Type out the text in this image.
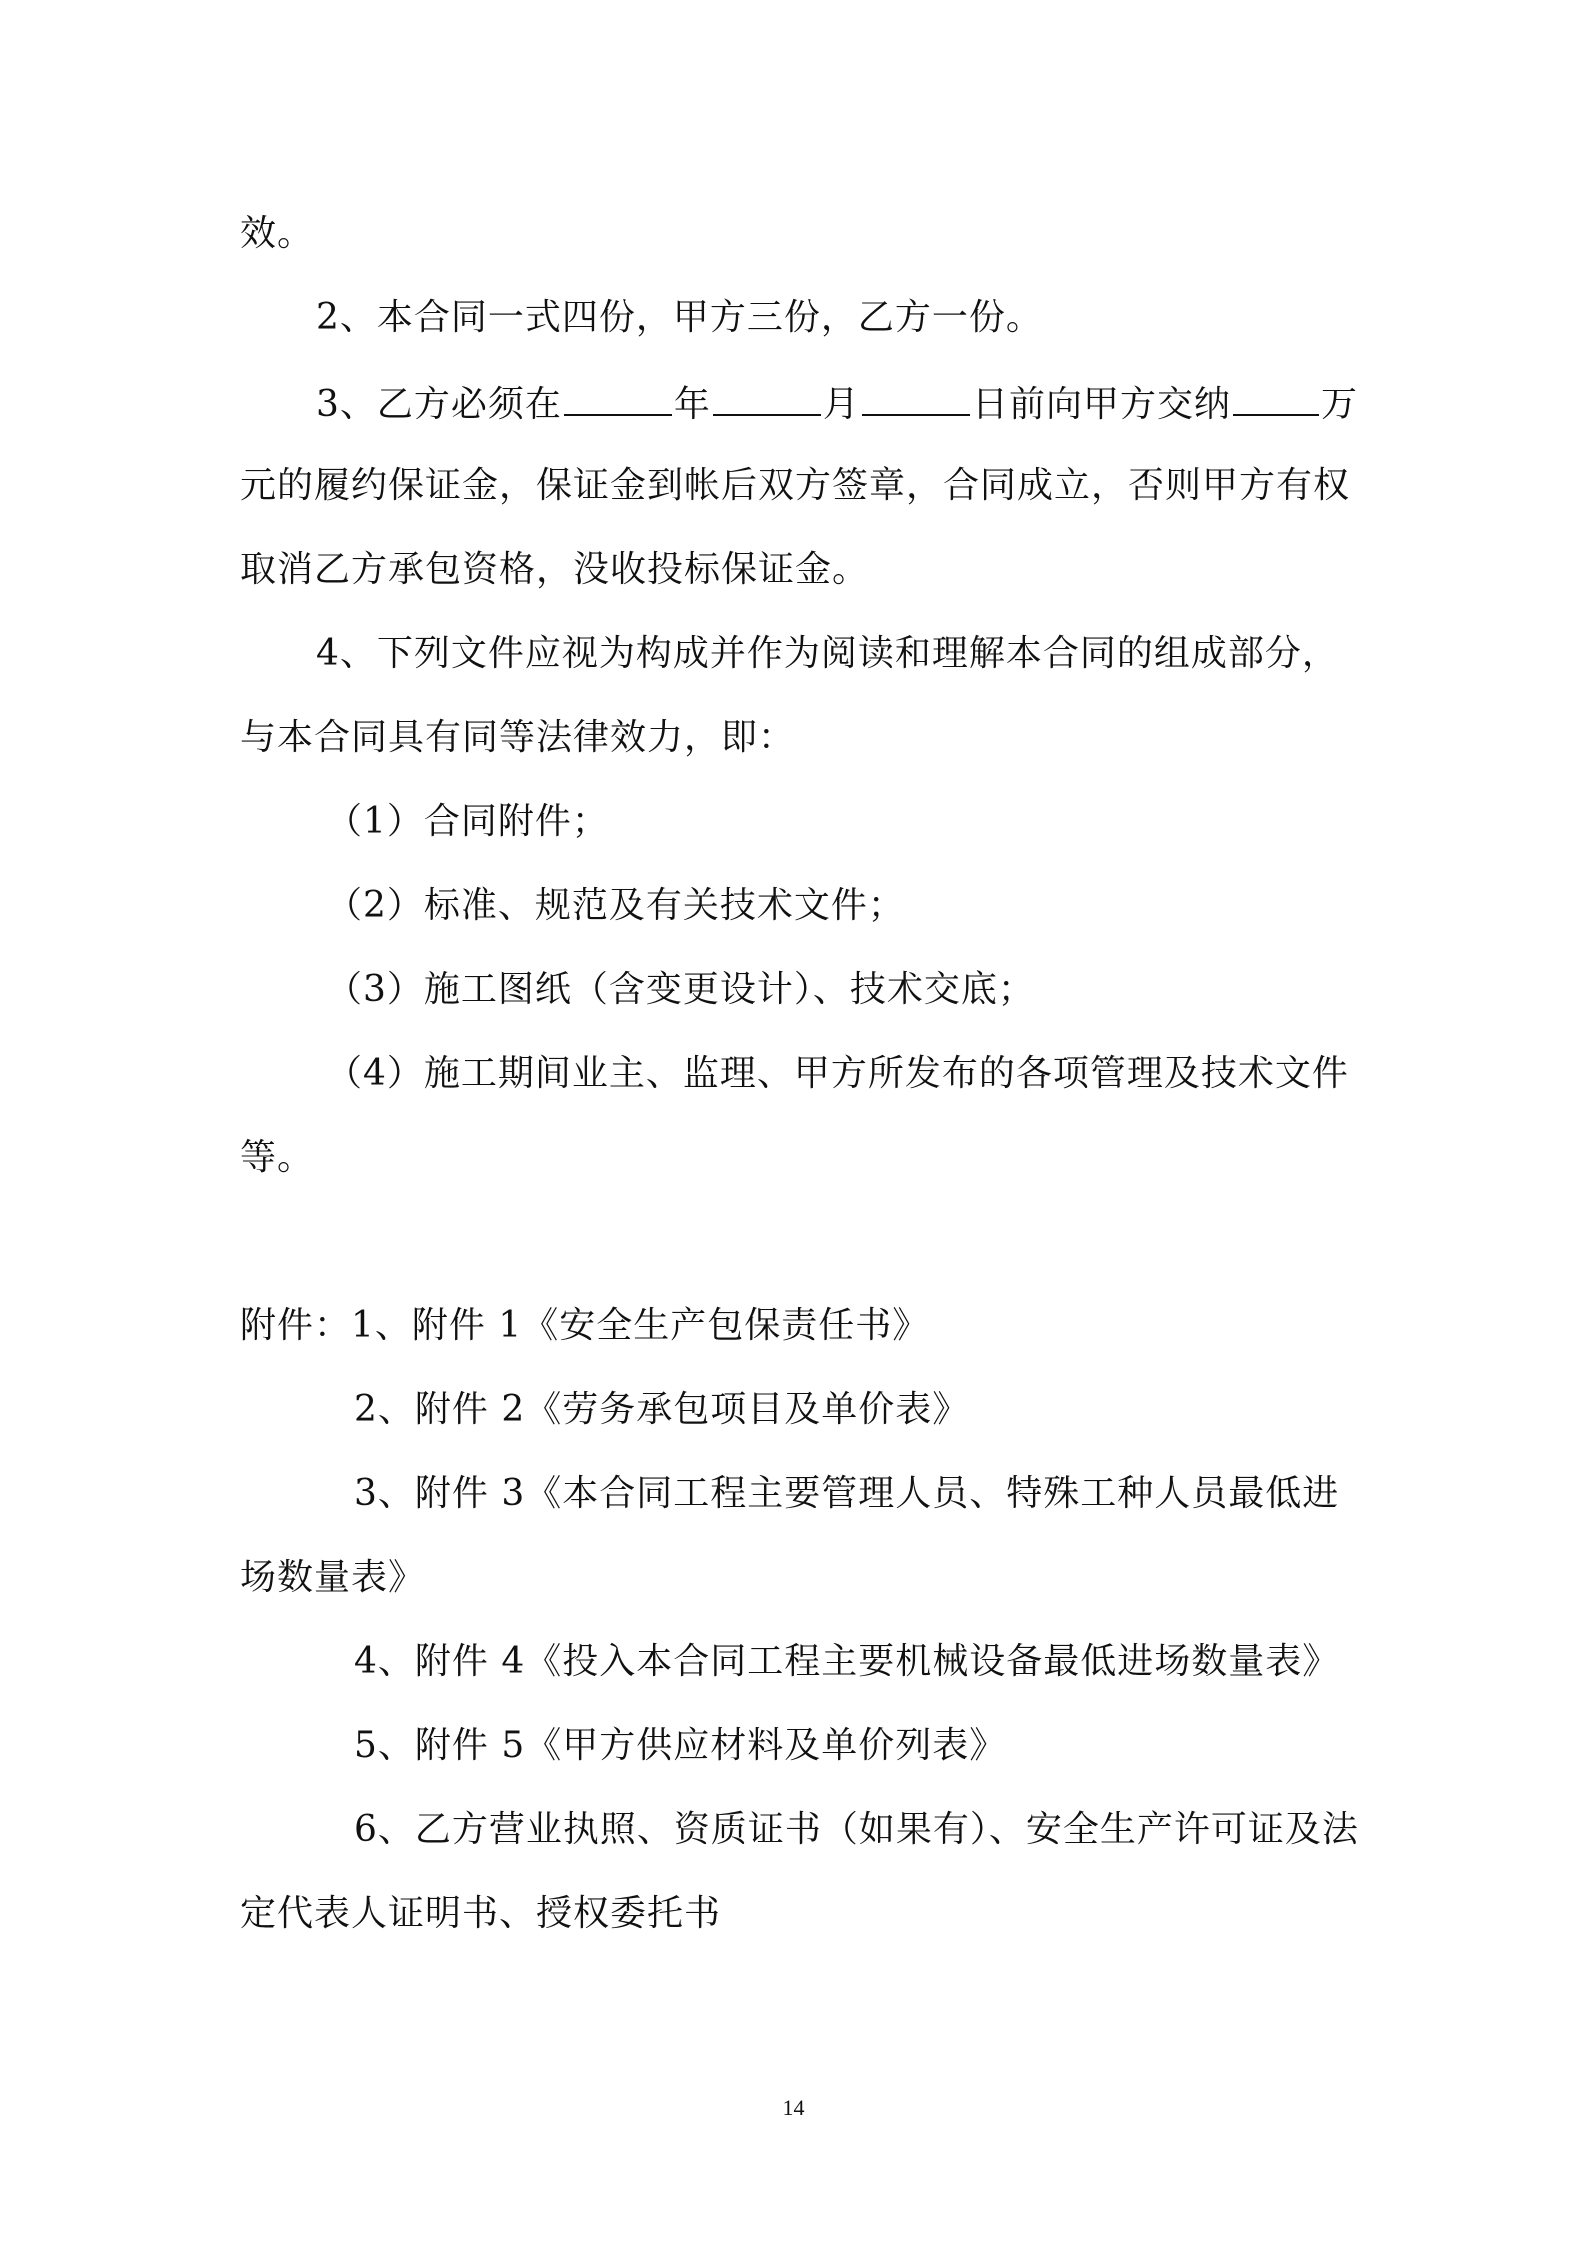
效。
2、本合同一式四份，甲方三份，乙方一份。
3、乙方必须在	年	月	日前向甲方交纳	万
元的履约保证金，保证金到帐后双方签章，合同成立，否则甲方有权
取消乙方承包资格，没收投标保证金。
4、下列文件应视为构成并作为阅读和理解本合同的组成部分，
与本合同具有同等法律效力，即：
（1）合同附件；
（2）标准、规范及有关技术文件；
（3）施工图纸（含变更设计）、技术交底；
（4）施工期间业主、监理、甲方所发布的各项管理及技术文件
等。
附件：1、附件 1《安全生产包保责任书》
2、附件 2《劳务承包项目及单价表》
3、附件 3《本合同工程主要管理人员、特殊工种人员最低进
场数量表》
4、附件 4《投入本合同工程主要机械设备最低进场数量表》
5、附件 5《甲方供应材料及单价列表》
6、乙方营业执照、资质证书（如果有）、安全生产许可证及法
定代表人证明书、授权委托书
14
